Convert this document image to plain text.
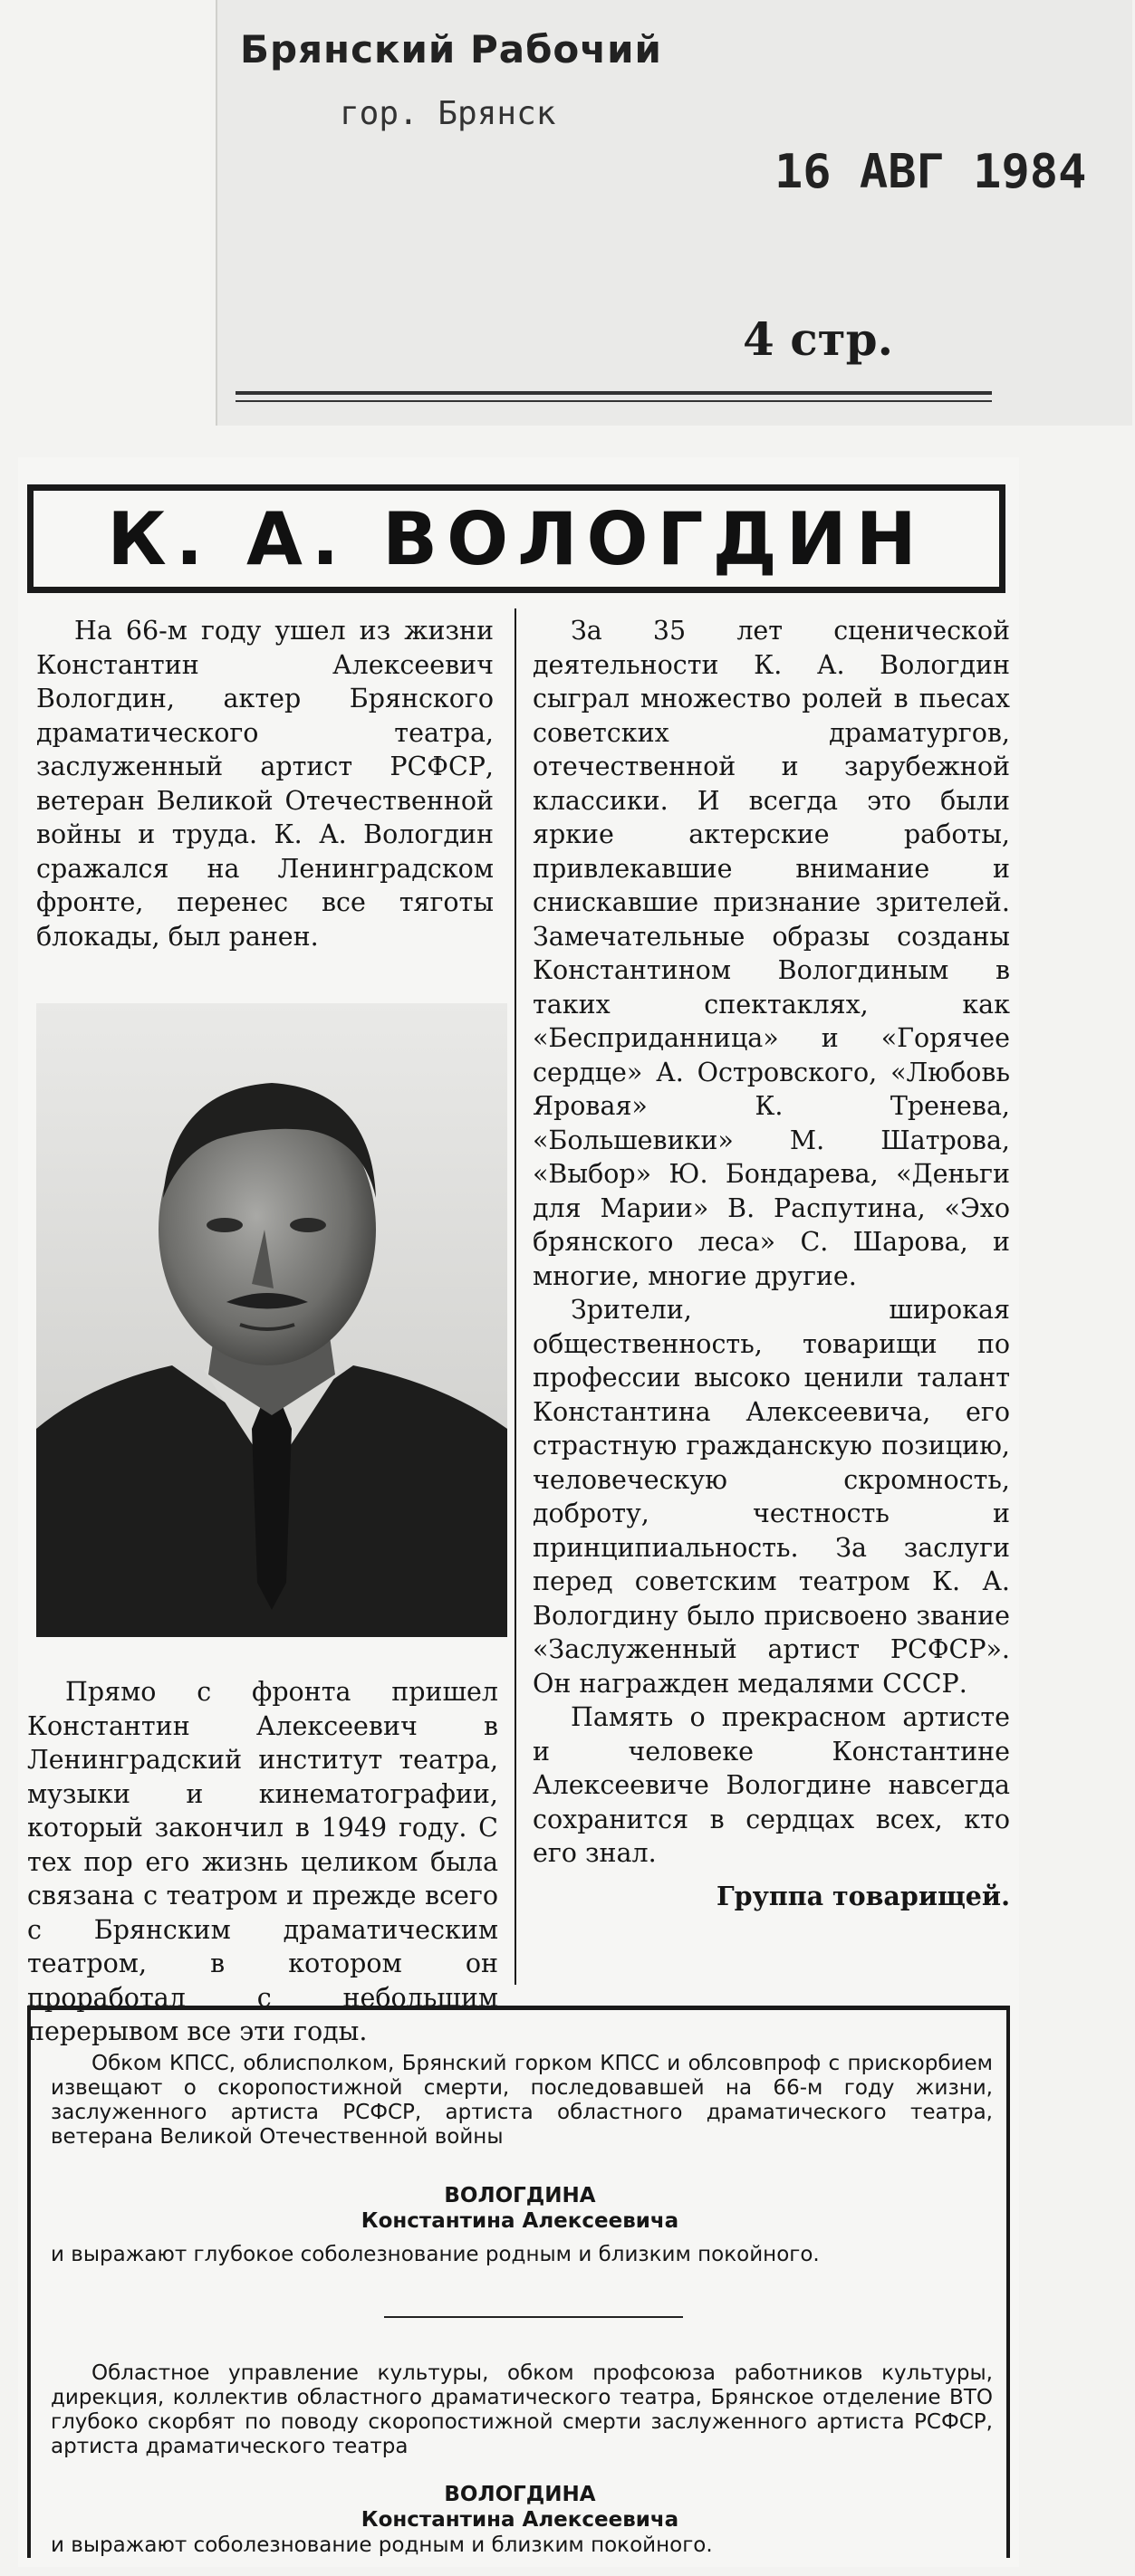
Брянский Рабочий
гор. Брянск
16 АВГ 1984
4 стр.
К. А. ВОЛОГДИН

На 66-м году ушел из жизни Константин Алексеевич Вологдин, актер Брянского драматического театра, заслуженный артист РСФСР, ветеран Великой Отечественной войны и труда. К. А. Вологдин сражался на Ленинградском фронте, перенес все тяготы блокады, был ранен.

Прямо с фронта пришел Константин Алексеевич в Ленинградский институт театра, музыки и кинематографии, который закончил в 1949 году. С тех пор его жизнь целиком была связана с театром и прежде всего с Брянским драматическим театром, в котором он проработал с небольшим перерывом все эти годы.

За 35 лет сценической деятельности К. А. Вологдин сыграл множество ролей в пьесах советских драматургов, отечественной и зарубежной классики. И всегда это были яркие актерские работы, привлекавшие внимание и снискавшие признание зрителей. Замечательные образы созданы Константином Вологдиным в таких спектаклях, как «Бесприданница» и «Горячее сердце» А. Островского, «Любовь Яровая» К. Тренева, «Большевики» М. Шатрова, «Выбор» Ю. Бондарева, «Деньги для Марии» В. Распутина, «Эхо брянского леса» С. Шарова, и многие, многие другие.

Зрители, широкая общественность, товарищи по профессии высоко ценили талант Константина Алексеевича, его страстную гражданскую позицию, человеческую скромность, доброту, честность и принципиальность. За заслуги перед советским театром К. А. Вологдину было присвоено звание «Заслуженный артист РСФСР». Он награжден медалями СССР.

Память о прекрасном артисте и человеке Константине Алексеевиче Вологдине навсегда сохранится в сердцах всех, кто его знал.

Группа товарищей.

Обком КПСС, облисполком, Брянский горком КПСС и облсовпроф с прискорбием извещают о скоропостижной смерти, последовавшей на 66-м году жизни, заслуженного артиста РСФСР, артиста областного драматического театра, ветерана Великой Отечественной войны
ВОЛОГДИНА
Константина Алексеевича
и выражают глубокое соболезнование родным и близким покойного.
Областное управление культуры, обком профсоюза работников культуры, дирекция, коллектив областного драматического театра, Брянское отделение ВТО глубоко скорбят по поводу скоропостижной смерти заслуженного артиста РСФСР, артиста драматического театра
ВОЛОГДИНА
Константина Алексеевича
и выражают соболезнование родным и близким покойного.
